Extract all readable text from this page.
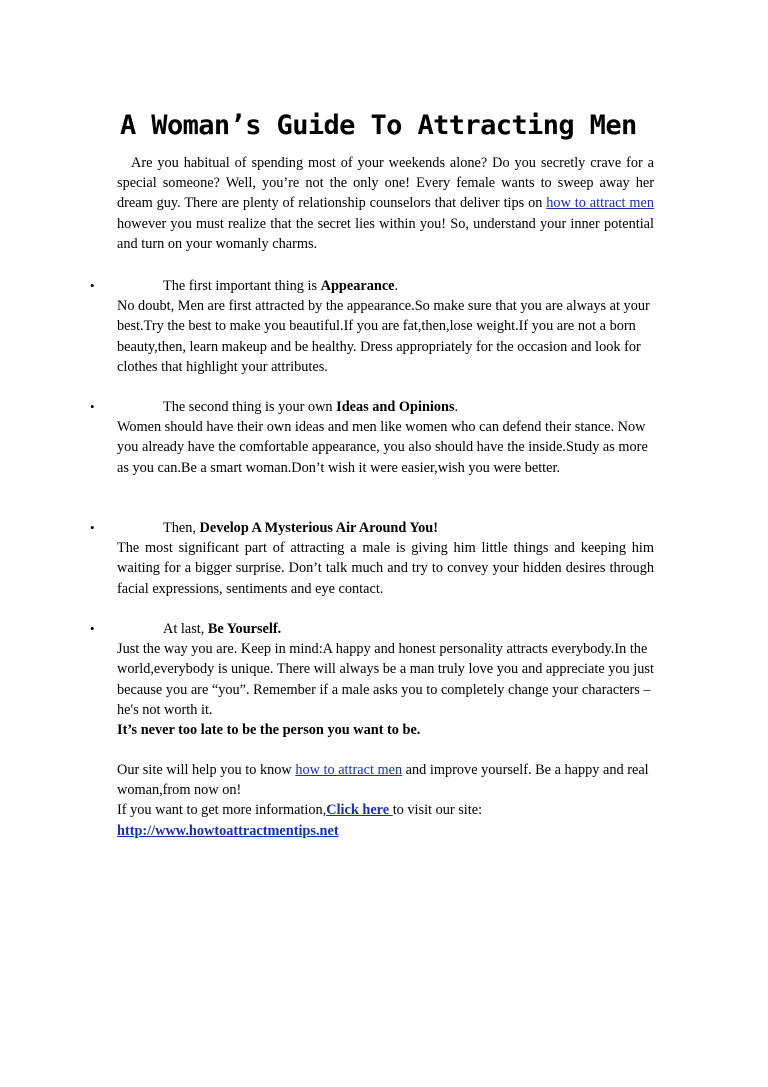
A Woman’s Guide To Attracting Men

Are you habitual of spending most of your weekends alone? Do you secretly crave for a special someone? Well, you’re not the only one! Every female wants to sweep away her dream guy. There are plenty of relationship counselors that deliver tips on how to attract men however you must realize that the secret lies within you! So, understand your inner potential and turn on your womanly charms.

•	The first important thing is Appearance.

No doubt, Men are first attracted by the appearance.So make sure that you are always at your best.Try the best to make you beautiful.If you are fat,then,lose weight.If you are not a born beauty,then, learn makeup and be healthy. Dress appropriately for the occasion and look for clothes that highlight your attributes.

•	The second thing is your own Ideas and Opinions.

Women should have their own ideas and men like women who can defend their stance. Now you already have the comfortable appearance, you also should have the inside.Study as more as you can.Be a smart woman.Don’t wish it were easier,wish you were better.

•	Then, Develop A Mysterious Air Around You!

The most significant part of attracting a male is giving him little things and keeping him waiting for a bigger surprise. Don’t talk much and try to convey your hidden desires through facial expressions, sentiments and eye contact.

•	At last, Be Yourself.

Just the way you are. Keep in mind:A happy and honest personality attracts everybody.In the world,everybody is unique. There will always be a man truly love you and appreciate you just because you are “you”. Remember if a male asks you to completely change your characters – he's not worth it.

It’s never too late to be the person you want to be.

Our site will help you to know how to attract men and improve yourself. Be a happy and real woman,from now on!

If you want to get more information,Click here to visit our site:

http://www.howtoattractmentips.net
